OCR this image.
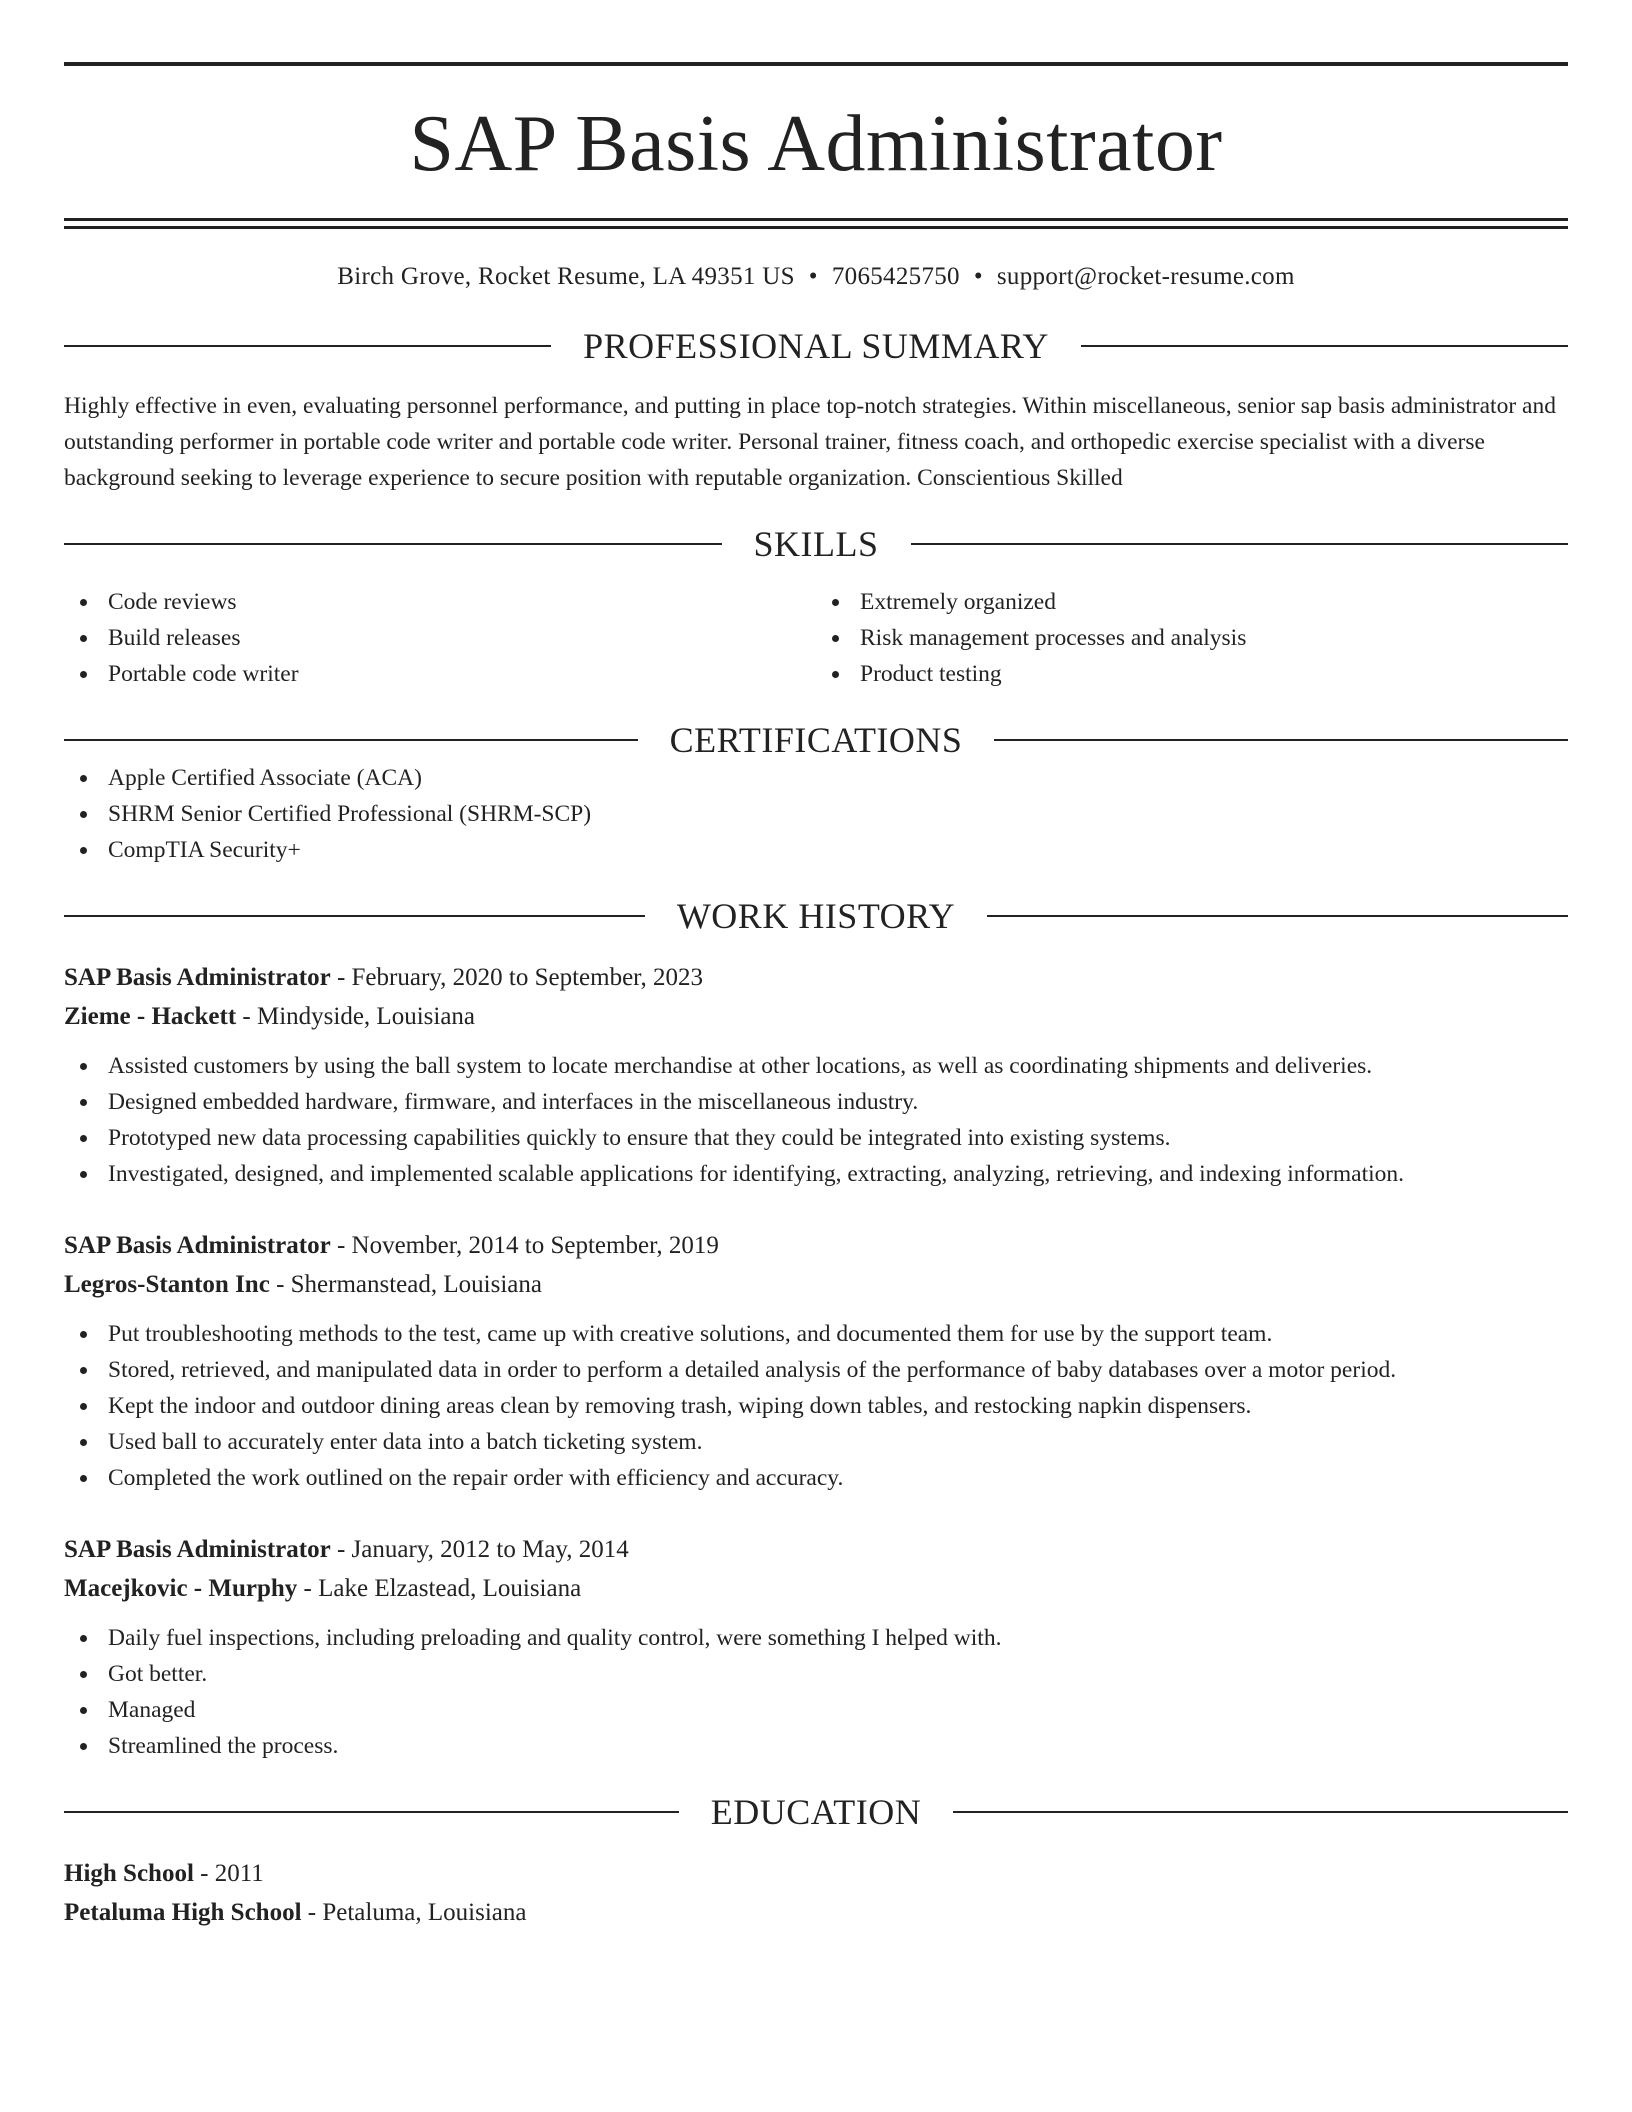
SAP Basis Administrator
Birch Grove, Rocket Resume, LA 49351 US • 7065425750 • support@rocket-resume.com
PROFESSIONAL SUMMARY

Highly effective in even, evaluating personnel performance, and putting in place top-notch strategies. Within miscellaneous, senior sap basis administrator and outstanding performer in portable code writer and portable code writer. Personal trainer, fitness coach, and orthopedic exercise specialist with a diverse background seeking to leverage experience to secure position with reputable organization. Conscientious Skilled

SKILLS
Code reviews
Build releases
Portable code writer
Extremely organized
Risk management processes and analysis
Product testing
CERTIFICATIONS
Apple Certified Associate (ACA)
SHRM Senior Certified Professional (SHRM-SCP)
CompTIA Security+
WORK HISTORY
SAP Basis Administrator - February, 2020 to September, 2023
Zieme - Hackett - Mindyside, Louisiana
Assisted customers by using the ball system to locate merchandise at other locations, as well as coordinating shipments and deliveries.
Designed embedded hardware, firmware, and interfaces in the miscellaneous industry.
Prototyped new data processing capabilities quickly to ensure that they could be integrated into existing systems.
Investigated, designed, and implemented scalable applications for identifying, extracting, analyzing, retrieving, and indexing information.
SAP Basis Administrator - November, 2014 to September, 2019
Legros-Stanton Inc - Shermanstead, Louisiana
Put troubleshooting methods to the test, came up with creative solutions, and documented them for use by the support team.
Stored, retrieved, and manipulated data in order to perform a detailed analysis of the performance of baby databases over a motor period.
Kept the indoor and outdoor dining areas clean by removing trash, wiping down tables, and restocking napkin dispensers.
Used ball to accurately enter data into a batch ticketing system.
Completed the work outlined on the repair order with efficiency and accuracy.
SAP Basis Administrator - January, 2012 to May, 2014
Macejkovic - Murphy - Lake Elzastead, Louisiana
Daily fuel inspections, including preloading and quality control, were something I helped with.
Got better.
Managed
Streamlined the process.
EDUCATION
High School - 2011
Petaluma High School - Petaluma, Louisiana
